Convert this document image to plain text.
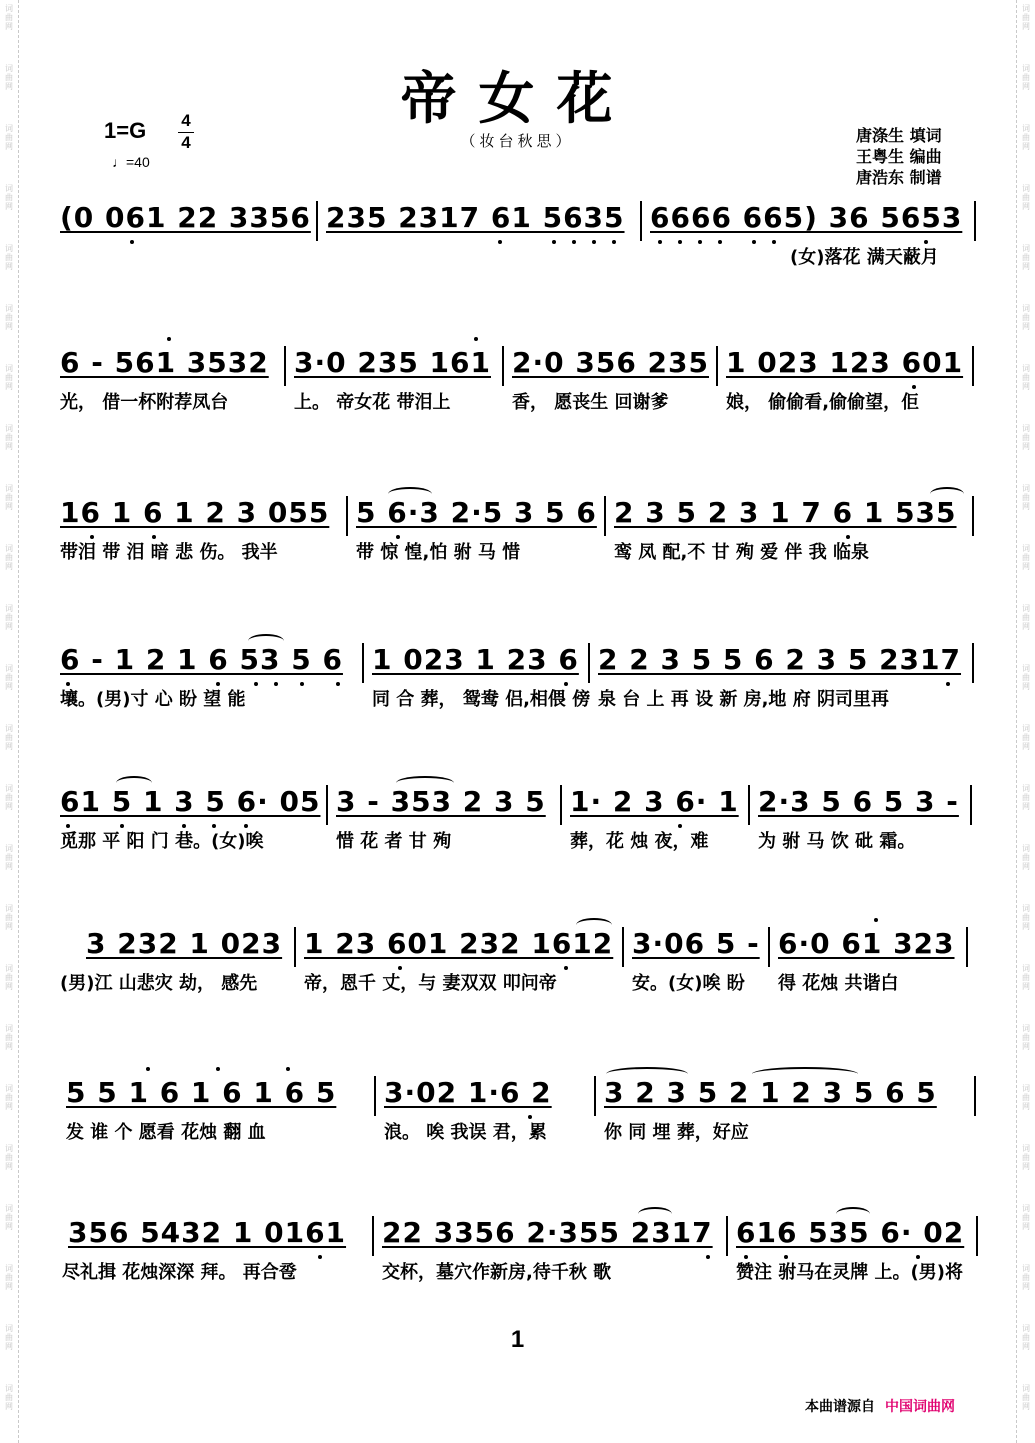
词
曲
网
词
曲
网
词
曲
网
词
曲
网
词
曲
网
词
曲
网
词
曲
网
词
曲
网
词
曲
网
词
曲
网
词
曲
网
词
曲
网
词
曲
网
词
曲
网
词
曲
网
词
曲
网
词
曲
网
词
曲
网
词
曲
网
词
曲
网
词
曲
网
词
曲
网
词
曲
网
词
曲
网
词
曲
网
词
曲
网
词
曲
网
词
曲
网
词
曲
网
词
曲
网
词
曲
网
词
曲
网
词
曲
网
词
曲
网
词
曲
网
词
曲
网
词
曲
网
词
曲
网
词
曲
网
词
曲
网
词
曲
网
词
曲
网
词
曲
网
词
曲
网
词
曲
网
词
曲
网
词
曲
网
词
曲
网
帝女花
（妆台秋思）
1=G	4
4
♩=40
唐涤生 填词
王粤生 编曲
唐浩东 制谱
(0 061 22 3356 235 2317 61 5635 6666 665) 36 5653
(女)落花 满天蔽月
6 - 561 3532 3·0 235 161 2·0 356 235 1 023 123 601
光， 借一杯附荐凤台	上。 帝女花 带泪上	香， 愿丧生 回谢爹	娘， 偷偷看,偷偷望，佢
16 1 6 1 2 3 055 5 6·3 2·5 3 5 6 2 3 5 2 3 1 7 6 1 535
带泪 带 泪 暗 悲 伤。 我半	带 惊 惶,怕 驸 马 惜	鸾 凤 配,不 甘 殉 爱 伴 我 临泉
6 - 1 2 1 6 53 5 6 1 023 1 23 6 2 2 3 5 5 6 2 3 5 2317
壤。(男)寸 心 盼 望 能	同 合 葬， 鸳鸯 侣,相偎 傍 泉 台 上 再 设 新 房,地 府 阴司里再
61 5 1 3 5 6· 05 3 - 353 2 3 5 1· 2 3 6· 1 2·3 5 6 5 3 -
觅那 平 阳 门 巷。(女)唉	惜 花 者 甘 殉	葬，花 烛 夜，难	为 驸 马 饮 砒 霜。
3 232 1 023 1 23 601 232 1612 3·06 5 - 6·0 61 323
(男)江 山悲灾 劫， 感先	帝，恩千 丈，与 妻双双 叩问帝	安。(女)唉 盼 得 花烛 共谐白
5 5 1 6 1 6 1 6 5 3·02 1·6 2 3 2 3 5 2 1 2 3 5 6 5
发 谁 个 愿看 花烛 翻 血	浪。 唉 我误 君，累	你 同 埋 葬，好应
356 5432 1 0161 22 3356 2·355 2317 616 535 6· 02
尽礼揖 花烛深深 拜。 再合卺	交杯，墓穴作新房,待千秋 歌	赞注 驸马在灵牌 上。(男)将
1
本曲谱源自 中国词曲网
